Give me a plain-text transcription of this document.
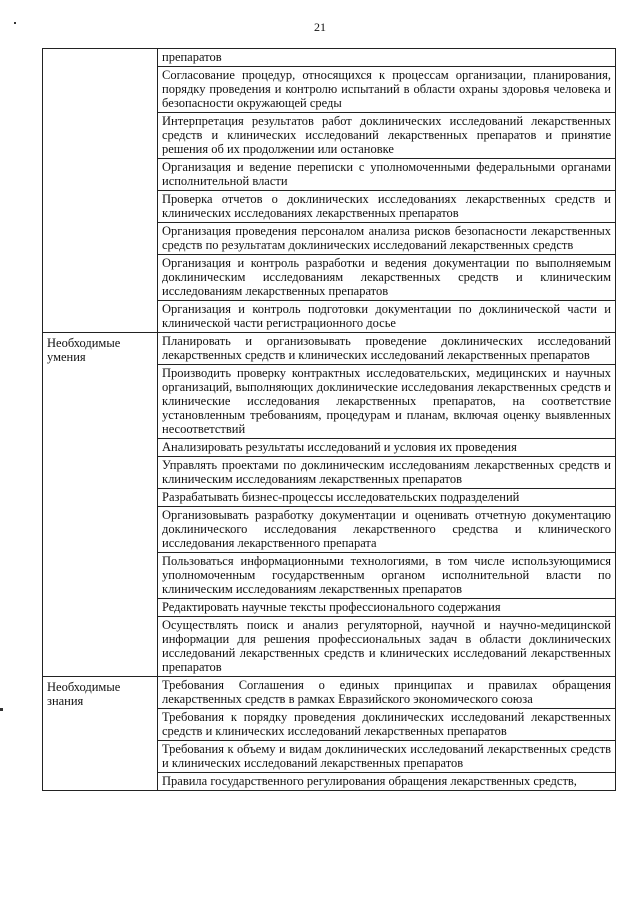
21
	препаратов
	Согласование процедур, относящихся к процессам организации, планирования, порядку проведения и контролю испытаний в области охраны здоровья человека и безопасности окружающей среды
	Интерпретация результатов работ доклинических исследований лекарственных средств и клинических исследований лекарственных препаратов и принятие решения об их продолжении или остановке
	Организация и ведение переписки с уполномоченными федеральными органами исполнительной власти
	Проверка отчетов о доклинических исследованиях лекарственных средств и клинических исследованиях лекарственных препаратов
	Организация проведения персоналом анализа рисков безопасности лекарственных средств по результатам доклинических исследований лекарственных средств
	Организация и контроль разработки и ведения документации по выполняемым доклиническим исследованиям лекарственных средств и клиническим исследованиям лекарственных препаратов
	Организация и контроль подготовки документации по доклинической части и клинической части регистрационного досье
Необходимые умения	Планировать и организовывать проведение доклинических исследований лекарственных средств и клинических исследований лекарственных препаратов
	Производить проверку контрактных исследовательских, медицинских и научных организаций, выполняющих доклинические исследования лекарственных средств и клинические исследования лекарственных препаратов, на соответствие установленным требованиям, процедурам и планам, включая оценку выявленных несоответствий
	Анализировать результаты исследований и условия их проведения
	Управлять проектами по доклиническим исследованиям лекарственных средств и клиническим исследованиям лекарственных препаратов
	Разрабатывать бизнес-процессы исследовательских подразделений
	Организовывать разработку документации и оценивать отчетную документацию доклинического исследования лекарственного средства и клинического исследования лекарственного препарата
	Пользоваться информационными технологиями, в том числе использующимися уполномоченным государственным органом исполнительной власти по клиническим исследованиям лекарственных препаратов
	Редактировать научные тексты профессионального содержания
	Осуществлять поиск и анализ регуляторной, научной и научно-медицинской информации для решения профессиональных задач в области доклинических исследований лекарственных средств и клинических исследований лекарственных препаратов
Необходимые знания	Требования Соглашения о единых принципах и правилах обращения лекарственных средств в рамках Евразийского экономического союза
	Требования к порядку проведения доклинических исследований лекарственных средств и клинических исследований лекарственных препаратов
	Требования к объему и видам доклинических исследований лекарственных средств и клинических исследований лекарственных препаратов
	Правила государственного регулирования обращения лекарственных средств,
